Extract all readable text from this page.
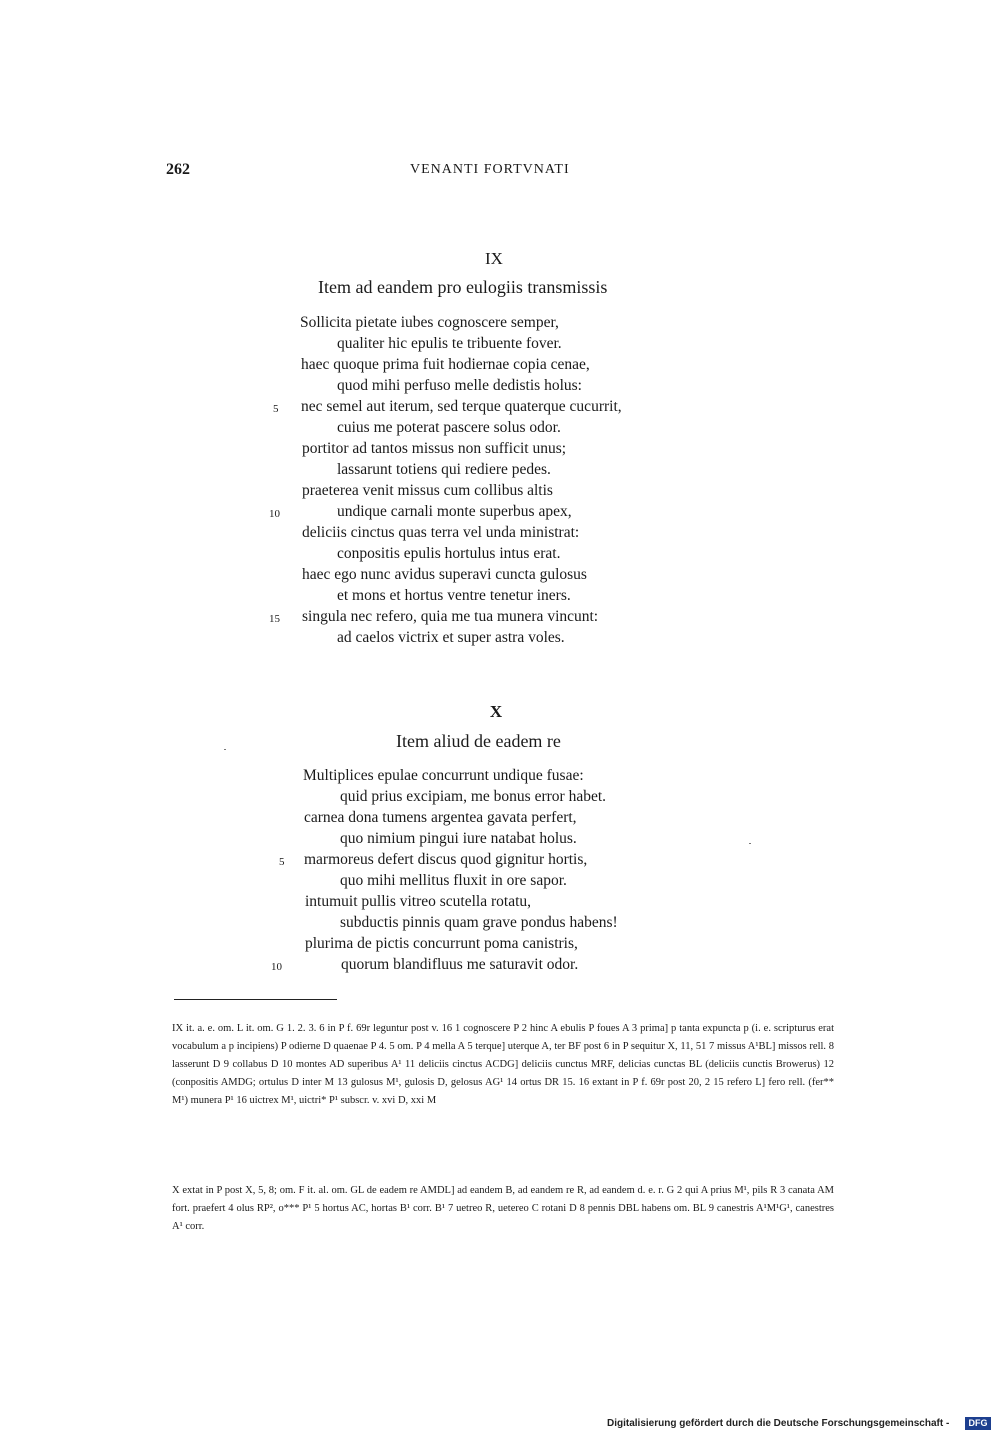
262	VENANTI FORTVNATI
IX
Item ad eandem pro eulogiis transmissis
Sollicita pietate iubes cognoscere semper,
qualiter hic epulis te tribuente fover.
haec quoque prima fuit hodiernae copia cenae,
quod mihi perfuso melle dedistis holus:
nec semel aut iterum, sed terque quaterque cucurrit,
cuius me poterat pascere solus odor.
portitor ad tantos missus non sufficit unus;
lassarunt totiens qui rediere pedes.
praeterea venit missus cum collibus altis
undique carnali monte superbus apex,
deliciis cinctus quas terra vel unda ministrat:
conpositis epulis hortulus intus erat.
haec ego nunc avidus superavi cuncta gulosus
et mons et hortus ventre tenetur iners.
singula nec refero, quia me tua munera vincunt:
ad caelos victrix et super astra voles.
5
10
15
X
Item aliud de eadem re
Multiplices epulae concurrunt undique fusae:
quid prius excipiam, me bonus error habet.
carnea dona tumens argentea gavata perfert,
quo nimium pingui iure natabat holus.
marmoreus defert discus quod gignitur hortis,
quo mihi mellitus fluxit in ore sapor.
intumuit pullis vitreo scutella rotatu,
subductis pinnis quam grave pondus habens!
plurima de pictis concurrunt poma canistris,
quorum blandifluus me saturavit odor.
5
10
IX it. a. e. om. L it. om. G 1. 2. 3. 6 in P f. 69r leguntur post v. 16 1 cognoscere P 2 hinc A ebulis P foues A 3 prima] p tanta expuncta p (i. e. scripturus erat vocabulum a p incipiens) P odierne D quaenae P 4. 5 om. P 4 mella A 5 terque] uterque A, ter BF post 6 in P sequitur X, 11, 51 7 missus A¹BL] missos rell. 8 lasserunt D 9 collabus D 10 montes AD superibus A¹ 11 deliciis cinctus ACDG] deliciis cunctus MRF, delicias cunctas BL (deliciis cunctis Browerus) 12 (conpositis AMDG; ortulus D inter M 13 gulosus M¹, gulosis D, gelosus AG¹ 14 ortus DR 15. 16 extant in P f. 69r post 20, 2 15 refero L] fero rell. (fer** M¹) munera P¹ 16 uictrex M¹, uictri* P¹ subscr. v. xvi D, xxi M
X extat in P post X, 5, 8; om. F it. al. om. GL de eadem re AMDL] ad eandem B, ad eandem re R, ad eandem d. e. r. G 2 qui A prius M¹, pils R 3 canata AM fort. praefert 4 olus RP², o*** P¹ 5 hortus AC, hortas B¹ corr. B¹ 7 uetreo R, uetereo C rotani D 8 pennis DBL habens om. BL 9 canestris A¹M¹G¹, canestres A¹ corr.
Digitalisierung gefördert durch die Deutsche Forschungsgemeinschaft -	DFG
